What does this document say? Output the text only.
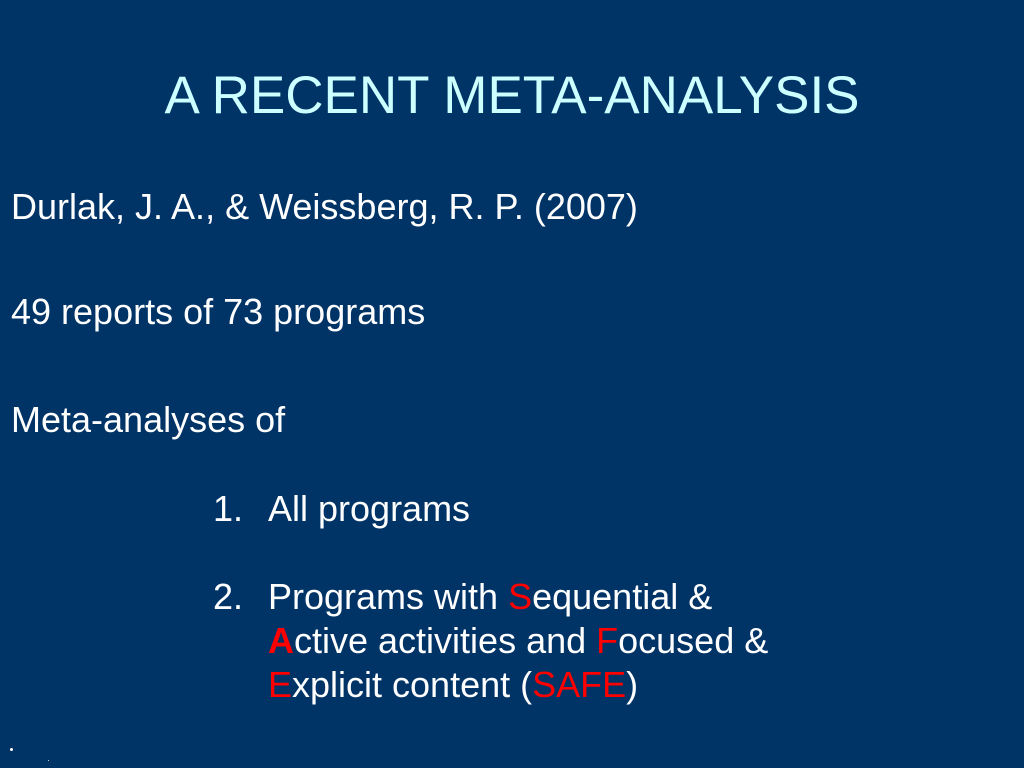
A RECENT META-ANALYSIS
Durlak, J. A., & Weissberg, R. P. (2007)
49 reports of 73 programs
Meta-analyses of
1. All programs
2. Programs with Sequential &
Active activities and Focused &
Explicit content (SAFE)
